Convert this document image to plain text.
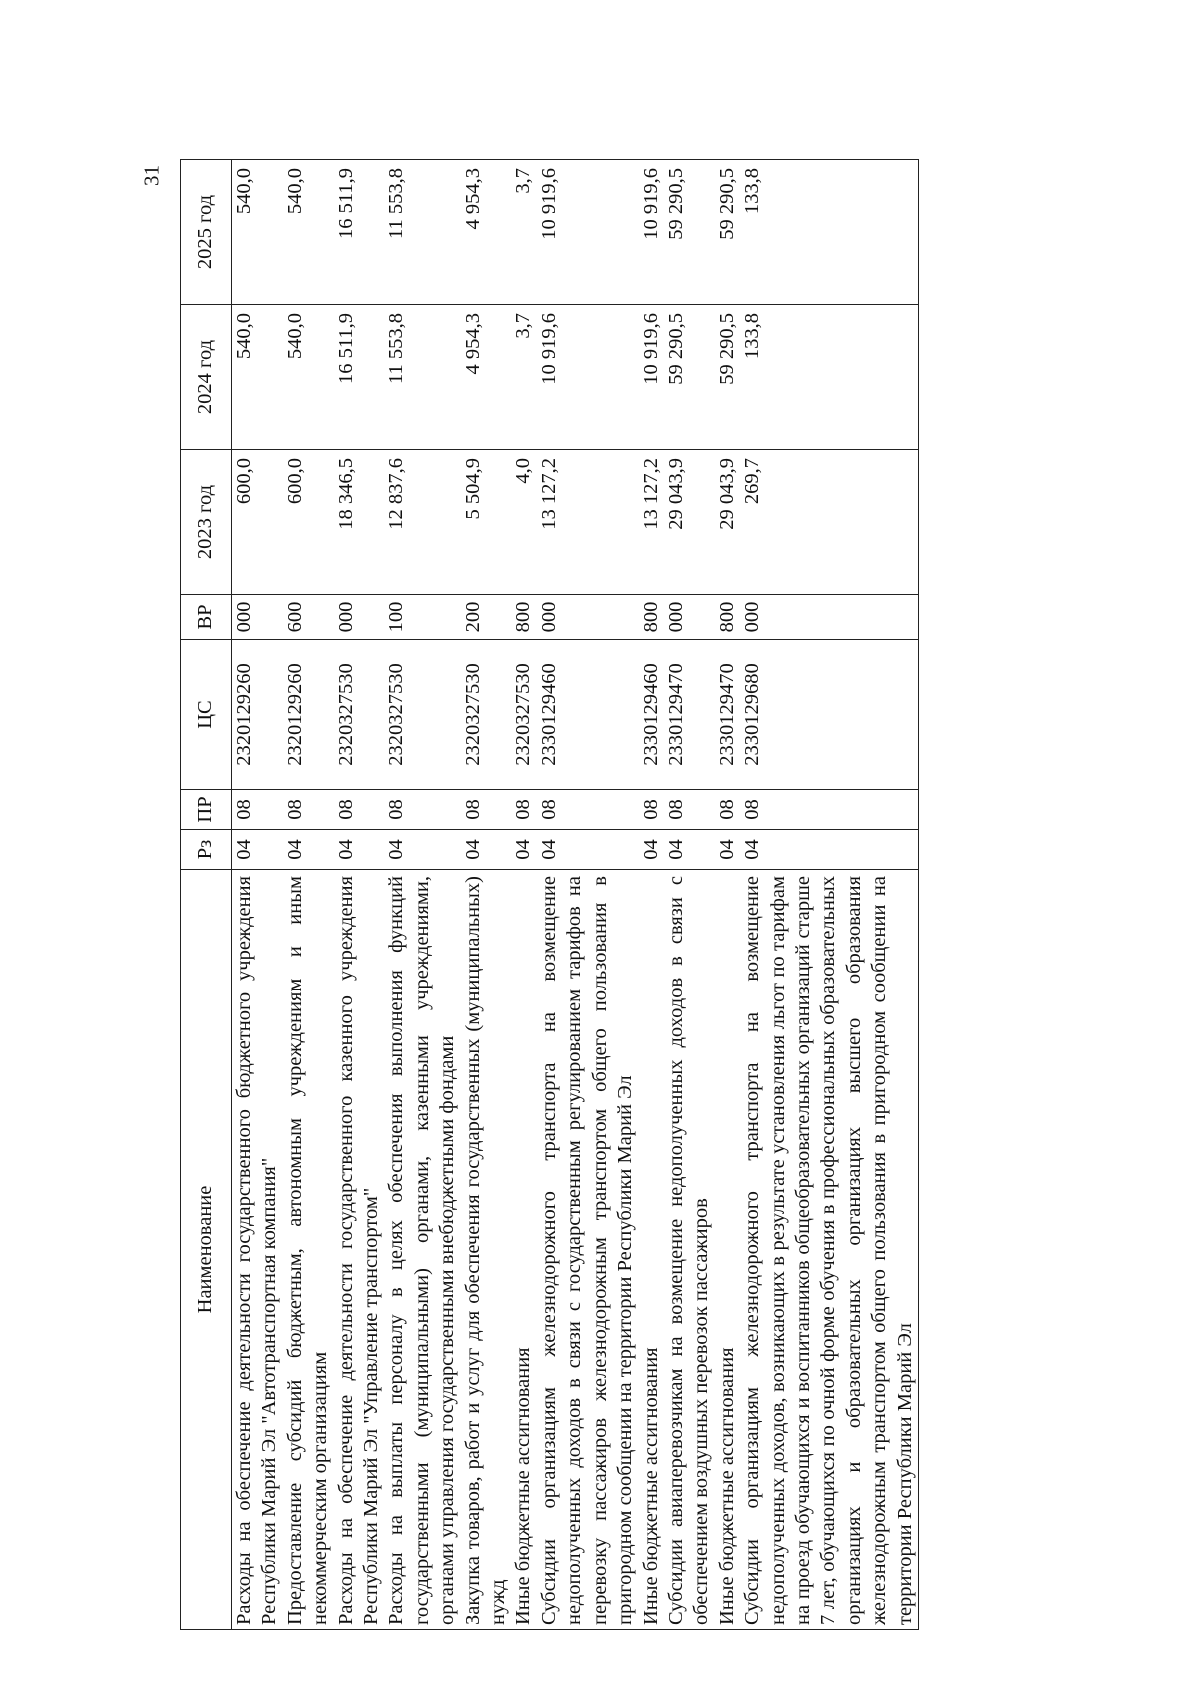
31
Наименование	Рз	ПР	ЦС	ВР	2023 год	2024 год	2025 год
Расходы на обеспечение деятельности государственного бюджетного учреждения Республики Марий Эл "Автотранспортная компания"	04	08	2320129260	000	600,0	540,0	540,0
Предоставление субсидий бюджетным, автономным учреждениям и иным некоммерческим организациям	04	08	2320129260	600	600,0	540,0	540,0
Расходы на обеспечение деятельности государственного казенного учреждения Республики Марий Эл "Управление транспортом"	04	08	2320327530	000	18 346,5	16 511,9	16 511,9
Расходы на выплаты персоналу в целях обеспечения выполнения функций государственными (муниципальными) органами, казенными учреждениями, органами управления государственными внебюджетными фондами	04	08	2320327530	100	12 837,6	11 553,8	11 553,8
Закупка товаров, работ и услуг для обеспечения государственных (муниципальных) нужд	04	08	2320327530	200	5 504,9	4 954,3	4 954,3
Иные бюджетные ассигнования	04	08	2320327530	800	4,0	3,7	3,7
Субсидии организациям железнодорожного транспорта на возмещение недополученных доходов в связи с государственным регулированием тарифов на перевозку пассажиров железнодорожным транспортом общего пользования в пригородном сообщении на территории Республики Марий Эл	04	08	2330129460	000	13 127,2	10 919,6	10 919,6
Иные бюджетные ассигнования	04	08	2330129460	800	13 127,2	10 919,6	10 919,6
Субсидии авиаперевозчикам на возмещение недополученных доходов в связи с обеспечением воздушных перевозок пассажиров	04	08	2330129470	000	29 043,9	59 290,5	59 290,5
Иные бюджетные ассигнования	04	08	2330129470	800	29 043,9	59 290,5	59 290,5
Субсидии организациям железнодорожного транспорта на возмещение недополученных доходов, возникающих в результате установления льгот по тарифам на проезд обучающихся и воспитанников общеобразовательных организаций старше 7 лет, обучающихся по очной форме обучения в профессиональных образовательных организациях и образовательных организациях высшего образования железнодорожным транспортом общего пользования в пригородном сообщении на территории Республики Марий Эл	04	08	2330129680	000	269,7	133,8	133,8
